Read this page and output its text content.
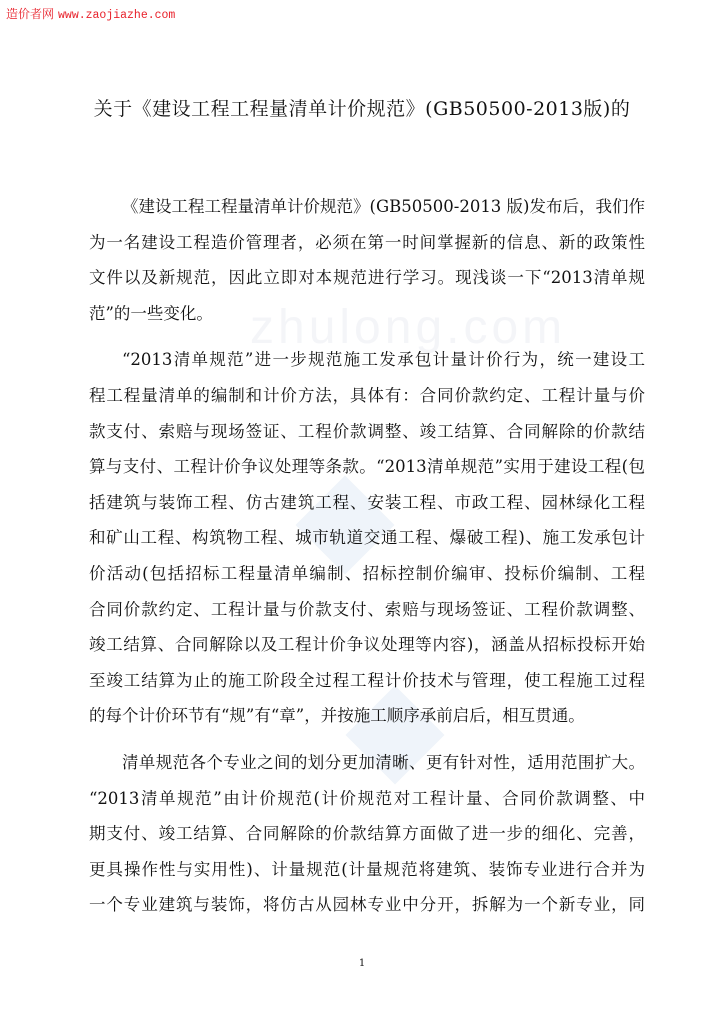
zhulong.com
造价者网 www.zaojiazhe.com
关于《建设工程工程量清单计价规范》(GB50500-2013版)的
《建设工程工程量清单计价规范》(GB50500-2013 版)发布后，我们作
为一名建设工程造价管理者，必须在第一时间掌握新的信息、新的政策性
文件以及新规范，因此立即对本规范进行学习。现浅谈一下“2013清单规
范”的一些变化。
“2013清单规范”进一步规范施工发承包计量计价行为，统一建设工
程工程量清单的编制和计价方法，具体有：合同价款约定、工程计量与价
款支付、索赔与现场签证、工程价款调整、竣工结算、合同解除的价款结
算与支付、工程计价争议处理等条款。“2013清单规范”实用于建设工程(包
括建筑与装饰工程、仿古建筑工程、安装工程、市政工程、园林绿化工程
和矿山工程、构筑物工程、城市轨道交通工程、爆破工程)、施工发承包计
价活动(包括招标工程量清单编制、招标控制价编审、投标价编制、工程
合同价款约定、工程计量与价款支付、索赔与现场签证、工程价款调整、
竣工结算、合同解除以及工程计价争议处理等内容)，涵盖从招标投标开始
至竣工结算为止的施工阶段全过程工程计价技术与管理，使工程施工过程
的每个计价环节有“规”有“章”，并按施工顺序承前启后，相互贯通。
清单规范各个专业之间的划分更加清晰、更有针对性，适用范围扩大。
“2013清单规范”由计价规范(计价规范对工程计量、合同价款调整、中
期支付、竣工结算、合同解除的价款结算方面做了进一步的细化、完善，
更具操作性与实用性)、计量规范(计量规范将建筑、装饰专业进行合并为
一个专业建筑与装饰，将仿古从园林专业中分开，拆解为一个新专业，同
1
